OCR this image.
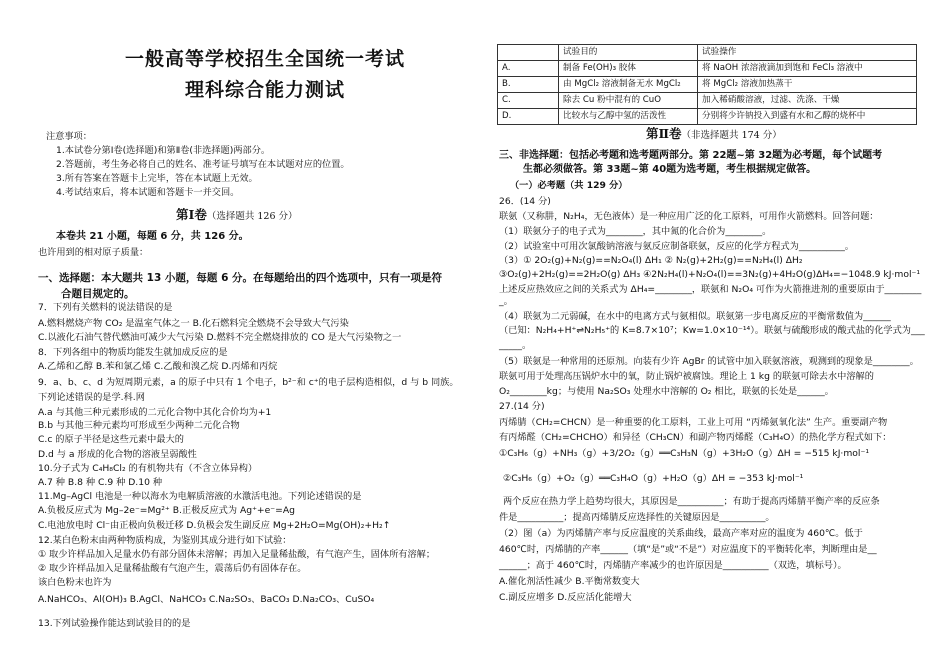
一般高等学校招生全国统一考试
理科综合能力测试
注意事项：
1.本试卷分第Ⅰ卷(选择题)和第Ⅱ卷(非选择题)两部分。
2.答题前，考生务必将自己的姓名、准考证号填写在本试题对应的位置。
3.所有答案在答题卡上完毕，答在本试题上无效。
4.考试结束后，将本试题和答题卡一并交回。
第Ⅰ卷（选择题共 126 分）
本卷共 21 小题，每题 6 分，共 126 分。
也许用到的相对原子质量：
一、选择题：本大题共 13 小题，每题 6 分。在每题给出的四个选项中，只有一项是符
合题目规定的。
7．下列有关燃料的说法错误的是
A.燃料燃烧产物 CO₂ 是温室气体之一 B.化石燃料完全燃烧不会导致大气污染
C.以液化石油气替代燃油可减少大气污染 D.燃料不完全燃烧排放的 CO 是大气污染物之一
8．下列各组中的物质均能发生就加成反应的是
A.乙烯和乙醇 B.苯和氯乙烯 C.乙酸和溴乙烷 D.丙烯和丙烷
9．a、b、c、d 为短周期元素，a 的原子中只有 1 个电子，b²⁻和 c⁺的电子层构造相似，d 与 b 同族。
下列论述错误的是学.科.网
A.a 与其他三种元素形成的二元化合物中其化合价均为+1
B.b 与其他三种元素均可形成至少两种二元化合物
C.c 的原子半径是这些元素中最大的
D.d 与 a 形成的化合物的溶液呈弱酸性
10.分子式为 C₄H₈Cl₂ 的有机物共有（不含立体异构）
A.7 种 B.8 种 C.9 种 D.10 种
11.Mg–AgCl 电池是一种以海水为电解质溶液的水激活电池。下列论述错误的是
A.负极反应式为 Mg–2e⁻=Mg²⁺ B.正极反应式为 Ag⁺+e⁻=Ag
C.电池放电时 Cl⁻由正极向负极迁移 D.负极会发生副反应 Mg+2H₂O=Mg(OH)₂+H₂↑
12.某白色粉末由两种物质构成，为鉴别其成分进行如下试验：
① 取少许样品加入足量水仍有部分固体未溶解；再加入足量稀盐酸，有气泡产生，固体所有溶解；
② 取少许样品加入足量稀盐酸有气泡产生，震荡后仍有固体存在。
该白色粉末也许为
A.NaHCO₃、Al(OH)₃ B.AgCl、NaHCO₃ C.Na₂SO₃、BaCO₃ D.Na₂CO₃、CuSO₄
13.下列试验操作能达到试验目的的是
	试验目的	试验操作
A.	制备 Fe(OH)₃ 胶体	将 NaOH 浓溶液滴加到饱和 FeCl₃ 溶液中
B.	由 MgCl₂ 溶液制备无水 MgCl₂	将 MgCl₂ 溶液加热蒸干
C.	除去 Cu 粉中混有的 CuO	加入稀硝酸溶液，过滤、洗涤、干燥
D.	比较水与乙醇中氢的活泼性	分别将少许钠投入到盛有水和乙醇的烧杯中
第Ⅱ卷（非选择题共 174 分）
三、非选择题：包括必考题和选考题两部分。第 22题~第 32题为必考题，每个试题考
生都必须做答。第 33题~第 40题为选考题，考生根据规定做答。
（一）必考题（共 129 分）
26．(14 分)
联氨（又称肼，N₂H₄，无色液体）是一种应用广泛的化工原料，可用作火箭燃料。回答问题：
（1）联氨分子的电子式为________，其中氮的化合价为________。
（2）试验室中可用次氯酸钠溶液与氨反应制备联氨，反应的化学方程式为__________。
（3）① 2O₂(g)+N₂(g)==N₂O₄(l) ΔH₁ ② N₂(g)+2H₂(g)==N₂H₄(l) ΔH₂
③O₂(g)+2H₂(g)==2H₂O(g) ΔH₃ ④2N₂H₄(l)+N₂O₄(l)==3N₂(g)+4H₂O(g)ΔH₄=−1048.9 kJ·mol⁻¹
上述反应热效应之间的关系式为 ΔH₄=________，联氨和 N₂O₄ 可作为火箭推进剂的重要原由于________
_。
（4）联氨为二元弱碱，在水中的电离方式与氨相似。联氨第一步电离反应的平衡常数值为______
（已知：N₂H₄+H⁺⇌N₂H₅⁺的 K=8.7×10⁷；Kw=1.0×10⁻¹⁴）。联氨与硫酸形成的酸式盐的化学式为___
_____。
（5）联氨是一种常用的还原剂。向装有少许 AgBr 的试管中加入联氨溶液，观测到的现象是________。
联氨可用于处理高压锅炉水中的氧，防止锅炉被腐蚀。理论上 1 kg 的联氨可除去水中溶解的
O₂________kg；与使用 Na₂SO₃ 处理水中溶解的 O₂ 相比，联氨的长处是______。
27.(14 分)
丙烯腈（CH₂=CHCN）是一种重要的化工原料，工业上可用 “丙烯氨氧化法” 生产。重要副产物
有丙烯醛（CH₂=CHCHO）和异径（CH₃CN）和副产物丙烯醛（C₃H₄O）的热化学方程式如下：
①C₃H₆（g）+NH₃（g）+3/2O₂（g）══C₃H₃N（g）+3H₂O（g）ΔH = −515 kJ·mol⁻¹
②C₃H₆（g）+O₂（g）══C₃H₄O（g）+H₂O（g）ΔH = −353 kJ·mol⁻¹
两个反应在热力学上趋势均很大，其原因是__________；有助于提高丙烯腈平衡产率的反应条
件是__________；提高丙烯腈反应选择性的关键原因是__________。
（2）图（a）为丙烯腈产率与反应温度的关系曲线，最高产率对应的温度为 460℃。低于
460℃时，丙烯腈的产率______（填“是”或“不是”）对应温度下的平衡转化率，判断理由是__
______；高于 460℃时，丙烯腈产率减少的也许原因是__________（双选，填标号）。
A.催化剂活性减少 B.平衡常数变大
C.副反应增多 D.反应活化能增大
